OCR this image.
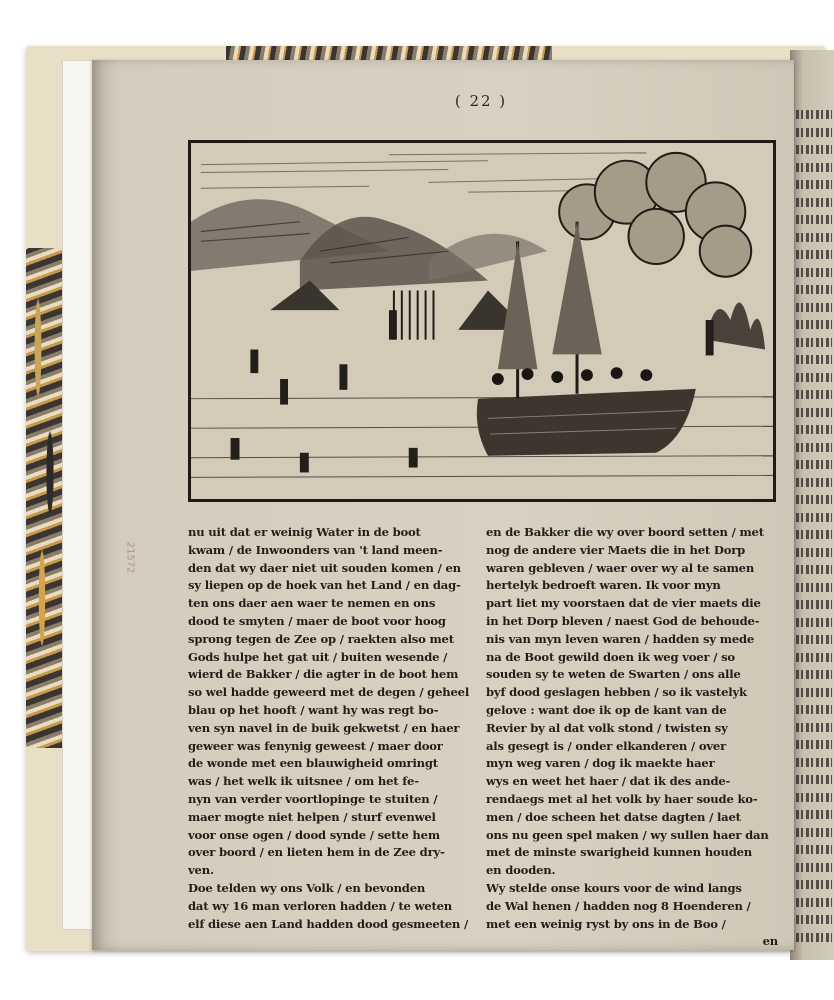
( 22 )
21572
nu uit dat er weinig Water in de boot
kwam / de Inwoonders van 't land meen-
den dat wy daer niet uit souden komen / en
sy liepen op de hoek van het Land / en dag-
ten ons daer aen waer te nemen en ons
dood te smyten / maer de boot voor hoog
sprong tegen de Zee op / raekten also met
Gods hulpe het gat uit / buiten wesende /
wierd de Bakker / die agter in de boot hem
so wel hadde geweerd met de degen / geheel
blau op het hooft / want hy was regt bo-
ven syn navel in de buik gekwetst / en haer
geweer was fenynig geweest / maer door
de wonde met een blauwigheid omringt
was / het welk ik uitsnee / om het fe-
nyn van verder voortlopinge te stuiten /
maer mogte niet helpen / sturf evenwel
voor onse ogen / dood synde / sette hem
over boord / en lieten hem in de Zee dry-
ven.
Doe telden wy ons Volk / en bevonden
dat wy 16 man verloren hadden / te weten
elf diese aen Land hadden dood gesmeeten /
en de Bakker die wy over boord setten / met
nog de andere vier Maets die in het Dorp
waren gebleven / waer over wy al te samen
hertelyk bedroeft waren. Ik voor myn
part liet my voorstaen dat de vier maets die
in het Dorp bleven / naest God de behoude-
nis van myn leven waren / hadden sy mede
na de Boot gewild doen ik weg voer / so
souden sy te weten de Swarten / ons alle
byf dood geslagen hebben / so ik vastelyk
gelove : want doe ik op de kant van de
Revier by al dat volk stond / twisten sy
als gesegt is / onder elkanderen / over
myn weg varen / dog ik maekte haer
wys en weet het haer / dat ik des ande-
rendaegs met al het volk by haer soude ko-
men / doe scheen het datse dagten / laet
ons nu geen spel maken / wy sullen haer dan
met de minste swarigheid kunnen houden
en dooden.
Wy stelde onse kours voor de wind langs
de Wal henen / hadden nog 8 Hoenderen /
met een weinig ryst by ons in de Boo /
en
